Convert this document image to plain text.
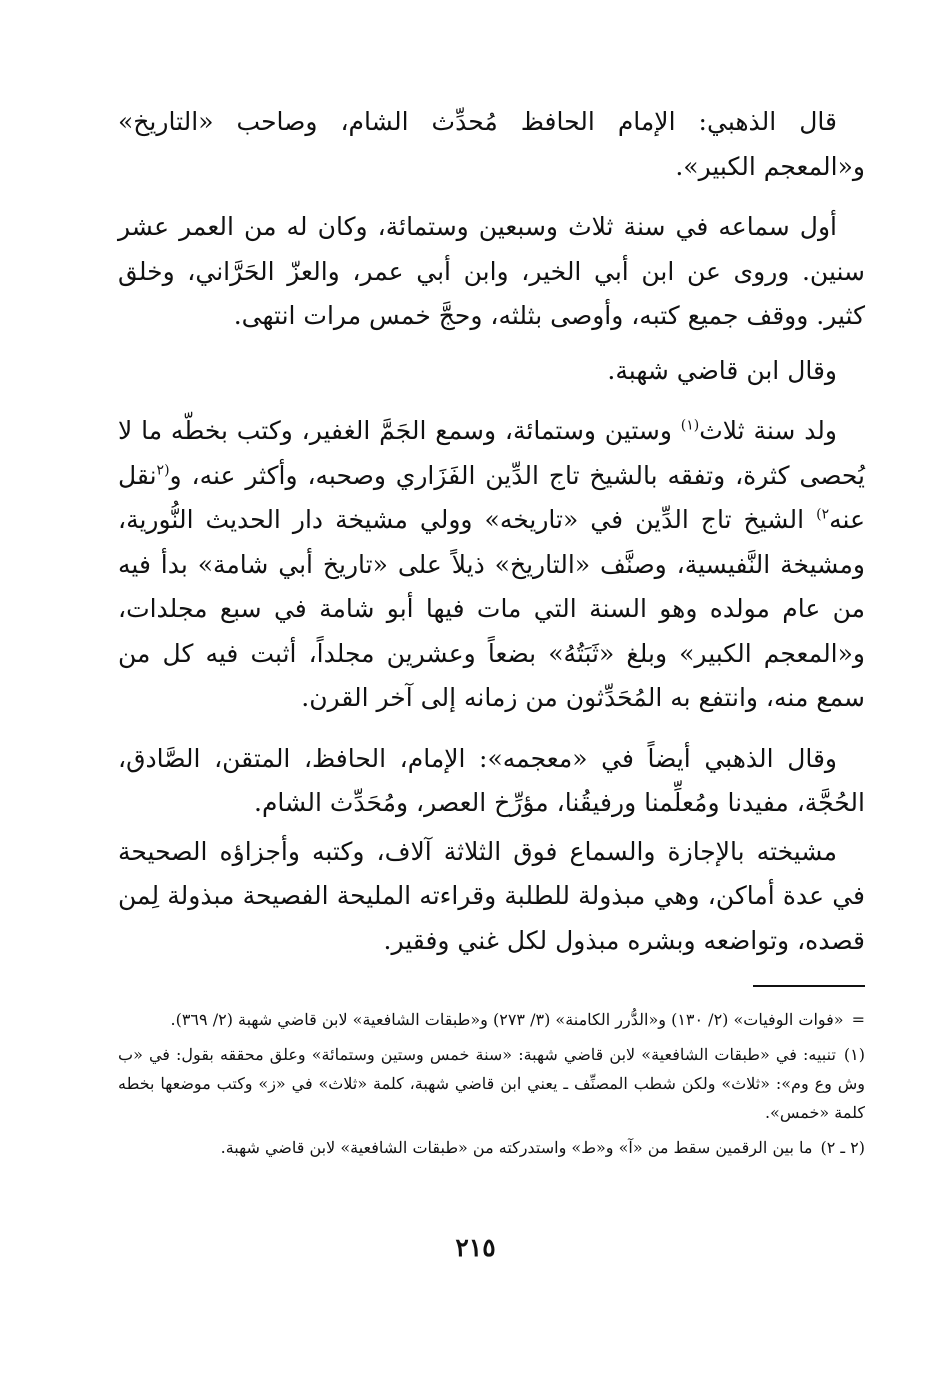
قال الذهبي: الإمام الحافظ مُحدِّث الشام، وصاحب «التاريخ» و«المعجم الكبير».

أول سماعه في سنة ثلاث وسبعين وستمائة، وكان له من العمر عشر سنين. وروى عن ابن أبي الخير، وابن أبي عمر، والعزّ الحَرَّاني، وخلق كثير. ووقف جميع كتبه، وأوصى بثلثه، وحجَّ خمس مرات انتهى.

وقال ابن قاضي شهبة.

ولد سنة ثلاث$^{(١)}$ وستين وستمائة، وسمع الجَمَّ الغفير، وكتب بخطّه ما لا يُحصى كثرة، وتفقه بالشيخ تاج الدِّين الفَزَاري وصحبه، وأكثر عنه، و$^{(٢}$نقل عنه$^{٢)}$ الشيخ تاج الدِّين في «تاريخه» وولي مشيخة دار الحديث النُّورية، ومشيخة النَّفيسية، وصنَّف «التاريخ» ذيلاً على «تاريخ أبي شامة» بدأ فيه من عام مولده وهو السنة التي مات فيها أبو شامة في سبع مجلدات، و«المعجم الكبير» وبلغ «ثَبَتُهُ» بضعاً وعشرين مجلداً، أثبت فيه كل من سمع منه، وانتفع به المُحَدِّثون من زمانه إلى آخر القرن.

وقال الذهبي أيضاً في «معجمه»: الإمام، الحافظ، المتقن، الصَّادق، الحُجَّة، مفيدنا ومُعلِّمنا ورفيقُنا، مؤرِّخ العصر، ومُحَدِّث الشام.

مشيخته بالإجازة والسماع فوق الثلاثة آلاف، وكتبه وأجزاؤه الصحيحة في عدة أماكن، وهي مبذولة للطلبة وقراءته المليحة الفصيحة مبذولة لِمن قصده، وتواضعه وبشره مبذول لكل غني وفقير.

=«فوات الوفيات» (٢/ ١٣٠) و«الدُّرر الكامنة» (٣/ ٢٧٣) و«طبقات الشافعية» لابن قاضي شهبة (٢/ ٣٦٩).

(١)تنبيه: في «طبقات الشافعية» لابن قاضي شهبة: «سنة خمس وستين وستمائة» وعلق محققه بقول: في «ب وش وع وم»: «ثلاث» ولكن شطب المصنِّف ـ يعني ابن قاضي شهبة، كلمة «ثلاث» في «ز» وكتب موضعها بخطه كلمة «خمس».

(٢ ـ ٢)ما بين الرقمين سقط من «آ» و«ط» واستدركته من «طبقات الشافعية» لابن قاضي شهبة.

٢١٥
